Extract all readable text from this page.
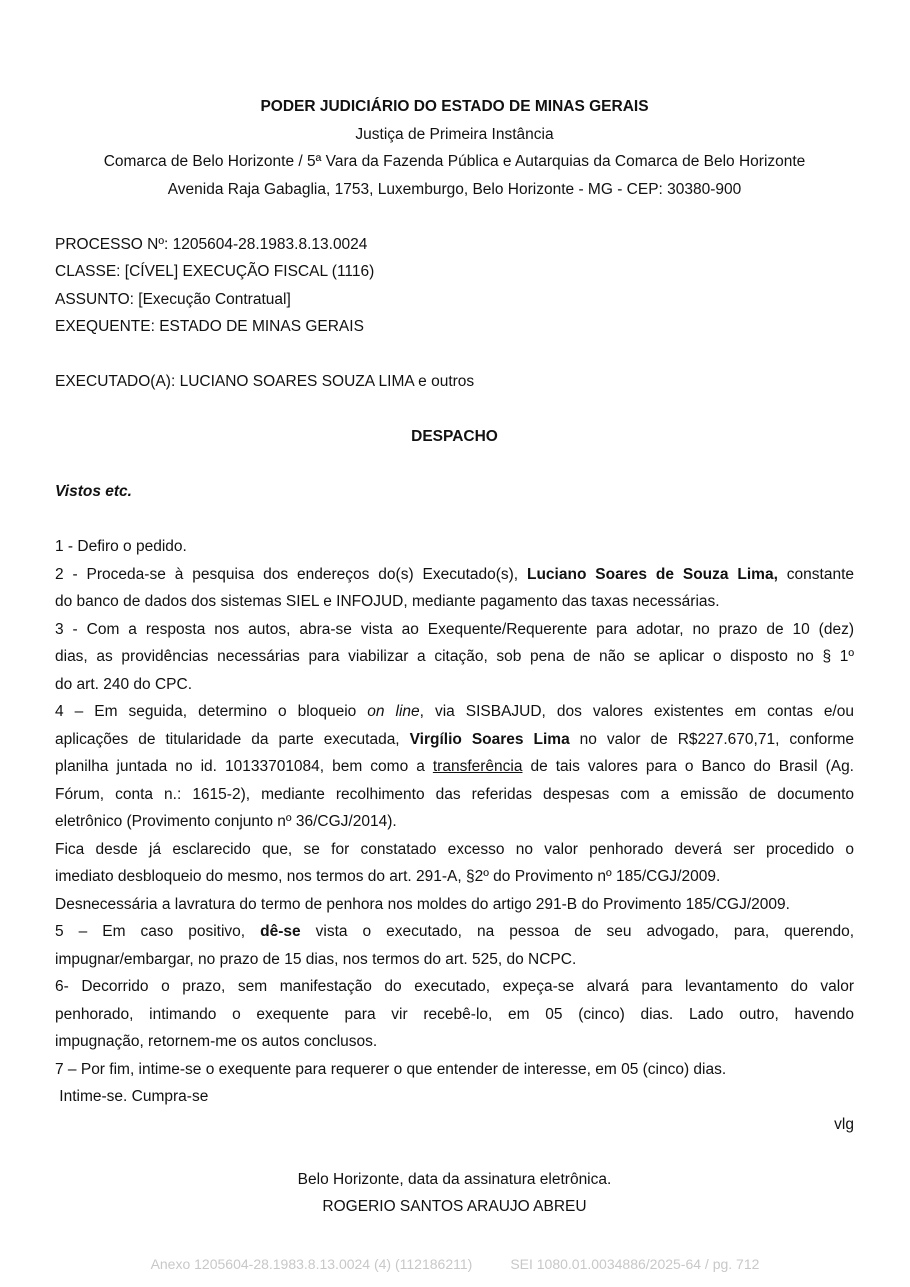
PODER JUDICIÁRIO DO ESTADO DE MINAS GERAIS
Justiça de Primeira Instância
Comarca de Belo Horizonte / 5ª Vara da Fazenda Pública e Autarquias da Comarca de Belo Horizonte
Avenida Raja Gabaglia, 1753, Luxemburgo, Belo Horizonte - MG - CEP: 30380-900
PROCESSO Nº: 1205604-28.1983.8.13.0024
CLASSE: [CÍVEL] EXECUÇÃO FISCAL (1116)
ASSUNTO: [Execução Contratual]
EXEQUENTE: ESTADO DE MINAS GERAIS
EXECUTADO(A): LUCIANO SOARES SOUZA LIMA e outros
DESPACHO
Vistos etc.
1 - Defiro o pedido.
2 - Proceda-se à pesquisa dos endereços do(s) Executado(s), Luciano Soares de Souza Lima, constante
do banco de dados dos sistemas SIEL e INFOJUD, mediante pagamento das taxas necessárias.
3 - Com a resposta nos autos, abra-se vista ao Exequente/Requerente para adotar, no prazo de 10 (dez)
dias, as providências necessárias para viabilizar a citação, sob pena de não se aplicar o disposto no § 1º
do art. 240 do CPC.
4 – Em seguida, determino o bloqueio on line, via SISBAJUD, dos valores existentes em contas e/ou
aplicações de titularidade da parte executada, Virgílio Soares Lima no valor de R$227.670,71, conforme
planilha juntada no id. 10133701084, bem como a transferência de tais valores para o Banco do Brasil (Ag.
Fórum, conta n.: 1615-2), mediante recolhimento das referidas despesas com a emissão de documento
eletrônico (Provimento conjunto nº 36/CGJ/2014).
Fica desde já esclarecido que, se for constatado excesso no valor penhorado deverá ser procedido o
imediato desbloqueio do mesmo, nos termos do art. 291-A, §2º do Provimento nº 185/CGJ/2009.
Desnecessária a lavratura do termo de penhora nos moldes do artigo 291-B do Provimento 185/CGJ/2009.
5 – Em caso positivo, dê-se vista o executado, na pessoa de seu advogado, para, querendo,
impugnar/embargar, no prazo de 15 dias, nos termos do art. 525, do NCPC.
6- Decorrido o prazo, sem manifestação do executado, expeça-se alvará para levantamento do valor
penhorado, intimando o exequente para vir recebê-lo, em 05 (cinco) dias. Lado outro, havendo
impugnação, retornem-me os autos conclusos.
7 – Por fim, intime-se o exequente para requerer o que entender de interesse, em 05 (cinco) dias.
Intime-se. Cumpra-se
vlg
Belo Horizonte, data da assinatura eletrônica.
ROGERIO SANTOS ARAUJO ABREU
Anexo 1205604-28.1983.8.13.0024 (4) (112186211)	SEI 1080.01.0034886/2025-64 / pg. 712
